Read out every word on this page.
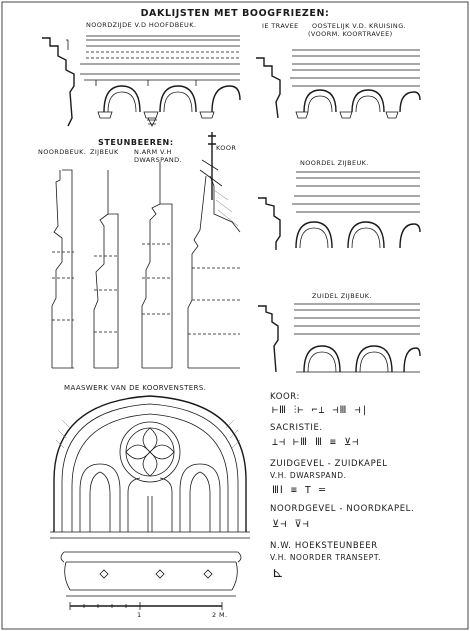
DAKLIJSTEN MET BOOGFRIEZEN:
NOORDZIJDE V.D HOOFDBEUK.	IE TRAVEE OOSTELIJK V.D. KRUISING.
(VOORM. KOORTRAVEE)
NOORDEL ZIJBEUK.
ZUIDEL ZIJBEUK.
STEUNBEEREN:
NOORDBEUK. ZIJBEUK N.ARM V.H DWARSPAND.
KOOR
MAASWERK VAN DE KOORVENSTERS.
1	2 M.
KOOR:
⊢Ⅲ ⫶⊢ ⌐⊥ ⊣Ⅲ ⊣|
SACRISTIE.
⊥⊣ ⊢Ⅲ Ⅲ ≡ ⊻⊣
ZUIDGEVEL - ZUIDKAPEL
V.H. DWARSPAND.
ⅢⅠ ≡ T ═
NOORDGEVEL - NOORDKAPEL.
⊻⊣ ⊽⊣
N.W. HOEKSTEUNBEER
V.H. NOORDER TRANSEPT.
⊾
